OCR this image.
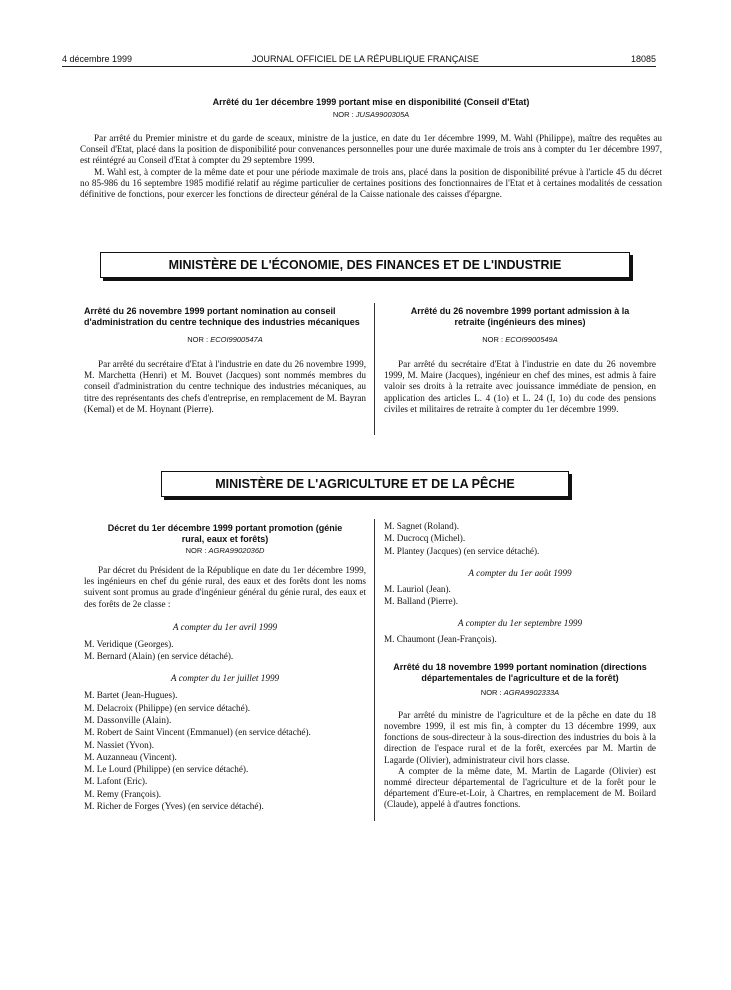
4 décembre 1999	JOURNAL OFFICIEL DE LA RÉPUBLIQUE FRANÇAISE	18085
Arrêté du 1er décembre 1999 portant mise en disponibilité (Conseil d'Etat)
NOR : JUSA9900305A

Par arrêté du Premier ministre et du garde de sceaux, ministre de la justice, en date du 1er décembre 1999, M. Wahl (Philippe), maître des requêtes au Conseil d'Etat, placé dans la position de disponibilité pour convenances personnelles pour une durée maximale de trois ans à compter du 1er décembre 1997, est réintégré au Conseil d'Etat à compter du 29 septembre 1999.

M. Wahl est, à compter de la même date et pour une période maximale de trois ans, placé dans la position de disponibilité prévue à l'article 45 du décret no 85-986 du 16 septembre 1985 modifié relatif au régime particulier de certaines positions des fonctionnaires de l'Etat et à certaines modalités de cessation définitive de fonctions, pour exercer les fonctions de directeur général de la Caisse nationale des caisses d'épargne.

MINISTÈRE DE L'ÉCONOMIE, DES FINANCES ET DE L'INDUSTRIE
Arrêté du 26 novembre 1999 portant nomination au conseil d'administration du centre technique des industries mécaniques
NOR : ECOI9900547A

Par arrêté du secrétaire d'Etat à l'industrie en date du 26 novembre 1999, M. Marchetta (Henri) et M. Bouvet (Jacques) sont nommés membres du conseil d'administration du centre technique des industries mécaniques, au titre des représentants des chefs d'entreprise, en remplacement de M. Bayran (Kemal) et de M. Hoynant (Pierre).

Arrêté du 26 novembre 1999 portant admission à la retraite (ingénieurs des mines)
NOR : ECOI9900549A

Par arrêté du secrétaire d'Etat à l'industrie en date du 26 novembre 1999, M. Maire (Jacques), ingénieur en chef des mines, est admis à faire valoir ses droits à la retraite avec jouissance immédiate de pension, en application des articles L. 4 (1o) et L. 24 (I, 1o) du code des pensions civiles et militaires de retraite à compter du 1er décembre 1999.

MINISTÈRE DE L'AGRICULTURE ET DE LA PÊCHE
Décret du 1er décembre 1999 portant promotion (génie rural, eaux et forêts)
NOR : AGRA9902036D

Par décret du Président de la République en date du 1er décembre 1999, les ingénieurs en chef du génie rural, des eaux et des forêts dont les noms suivent sont promus au grade d'ingénieur général du génie rural, des eaux et des forêts de 2e classe :

A compter du 1er avril 1999
M. Veridique (Georges).
M. Bernard (Alain) (en service détaché).
A compter du 1er juillet 1999
M. Bartet (Jean-Hugues).
M. Delacroix (Philippe) (en service détaché).
M. Dassonville (Alain).
M. Robert de Saint Vincent (Emmanuel) (en service détaché).
M. Nassiet (Yvon).
M. Auzanneau (Vincent).
M. Le Lourd (Philippe) (en service détaché).
M. Lafont (Eric).
M. Remy (François).
M. Richer de Forges (Yves) (en service détaché).
M. Sagnet (Roland).
M. Ducrocq (Michel).
M. Plantey (Jacques) (en service détaché).
A compter du 1er août 1999
M. Lauriol (Jean).
M. Balland (Pierre).
A compter du 1er septembre 1999
M. Chaumont (Jean-François).
Arrêté du 18 novembre 1999 portant nomination (directions départementales de l'agriculture et de la forêt)
NOR : AGRA9902333A

Par arrêté du ministre de l'agriculture et de la pêche en date du 18 novembre 1999, il est mis fin, à compter du 13 décembre 1999, aux fonctions de sous-directeur à la sous-direction des industries du bois à la direction de l'espace rural et de la forêt, exercées par M. Martin de Lagarde (Olivier), administrateur civil hors classe.

A compter de la même date, M. Martin de Lagarde (Olivier) est nommé directeur départemental de l'agriculture et de la forêt pour le département d'Eure-et-Loir, à Chartres, en remplacement de M. Boilard (Claude), appelé à d'autres fonctions.
